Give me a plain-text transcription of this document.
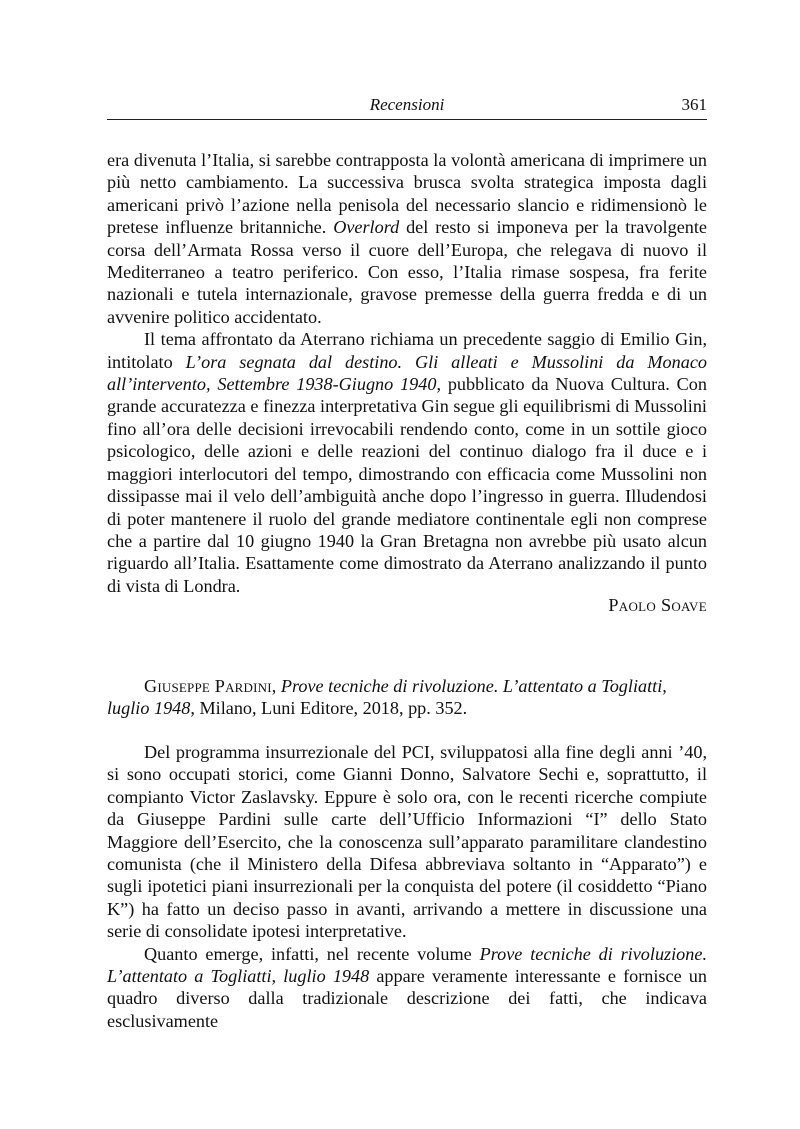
Recensioni	361

era divenuta l’Italia, si sarebbe contrapposta la volontà americana di imprimere un più netto cambiamento. La successiva brusca svolta strategica imposta dagli americani privò l’azione nella penisola del necessario slancio e ridimensionò le pretese influenze britanniche. Overlord del resto si imponeva per la travolgente corsa dell’Armata Rossa verso il cuore dell’Europa, che relegava di nuovo il Mediterraneo a teatro periferico. Con esso, l’Italia rimase sospesa, fra ferite nazionali e tutela internazionale, gravose premesse della guerra fredda e di un avvenire politico accidentato.

Il tema affrontato da Aterrano richiama un precedente saggio di Emilio Gin, intitolato L’ora segnata dal destino. Gli alleati e Mussolini da Monaco all’intervento, Settembre 1938-Giugno 1940, pubblicato da Nuova Cultura. Con grande accuratezza e finezza interpretativa Gin segue gli equilibrismi di Mussolini fino all’ora delle decisioni irrevocabili rendendo conto, come in un sottile gioco psicologico, delle azioni e delle reazioni del continuo dialogo fra il duce e i maggiori interlocutori del tempo, dimostrando con efficacia come Mussolini non dissipasse mai il velo dell’ambiguità anche dopo l’ingresso in guerra. Illudendosi di poter mantenere il ruolo del grande mediatore continentale egli non comprese che a partire dal 10 giugno 1940 la Gran Bretagna non avrebbe più usato alcun riguardo all’Italia. Esattamente come dimostrato da Aterrano analizzando il punto di vista di Londra.

Paolo Soave
Giuseppe Pardini, Prove tecniche di rivoluzione. L’attentato a Togliatti, luglio 1948, Milano, Luni Editore, 2018, pp. 352.

Del programma insurrezionale del PCI, sviluppatosi alla fine degli anni ’40, si sono occupati storici, come Gianni Donno, Salvatore Sechi e, soprattutto, il compianto Victor Zaslavsky. Eppure è solo ora, con le recenti ricerche compiute da Giuseppe Pardini sulle carte dell’Ufficio Informazioni “I” dello Stato Maggiore dell’Esercito, che la conoscenza sull’apparato paramilitare clandestino comunista (che il Ministero della Difesa abbreviava soltanto in “Apparato”) e sugli ipotetici piani insurrezionali per la conquista del potere (il cosiddetto “Piano K”) ha fatto un deciso passo in avanti, arrivando a mettere in discussione una serie di consolidate ipotesi interpretative.

Quanto emerge, infatti, nel recente volume Prove tecniche di rivoluzione. L’attentato a Togliatti, luglio 1948 appare veramente interessante e fornisce un quadro diverso dalla tradizionale descrizione dei fatti, che indicava esclusivamente
